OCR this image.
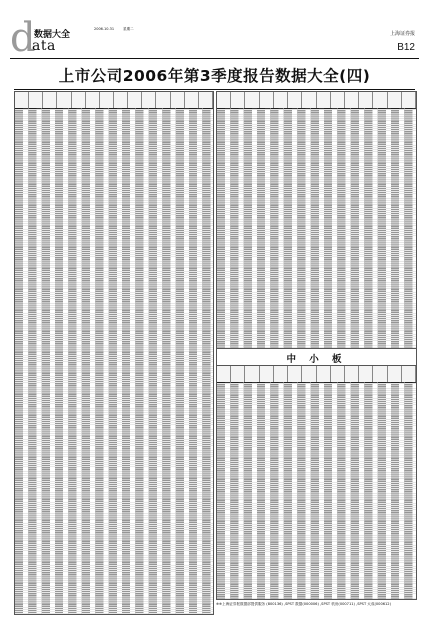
d
数据大全
2006.10.31	星期二
ata
上海证券报
B12
上市公司2006年第3季度报告数据大全(四)
中 小 板
※※上海证券报数据部提供服务 (800136) ,SPST 数据(000006) ,SPST 机房(000711) ,SPST 大成(000612)
